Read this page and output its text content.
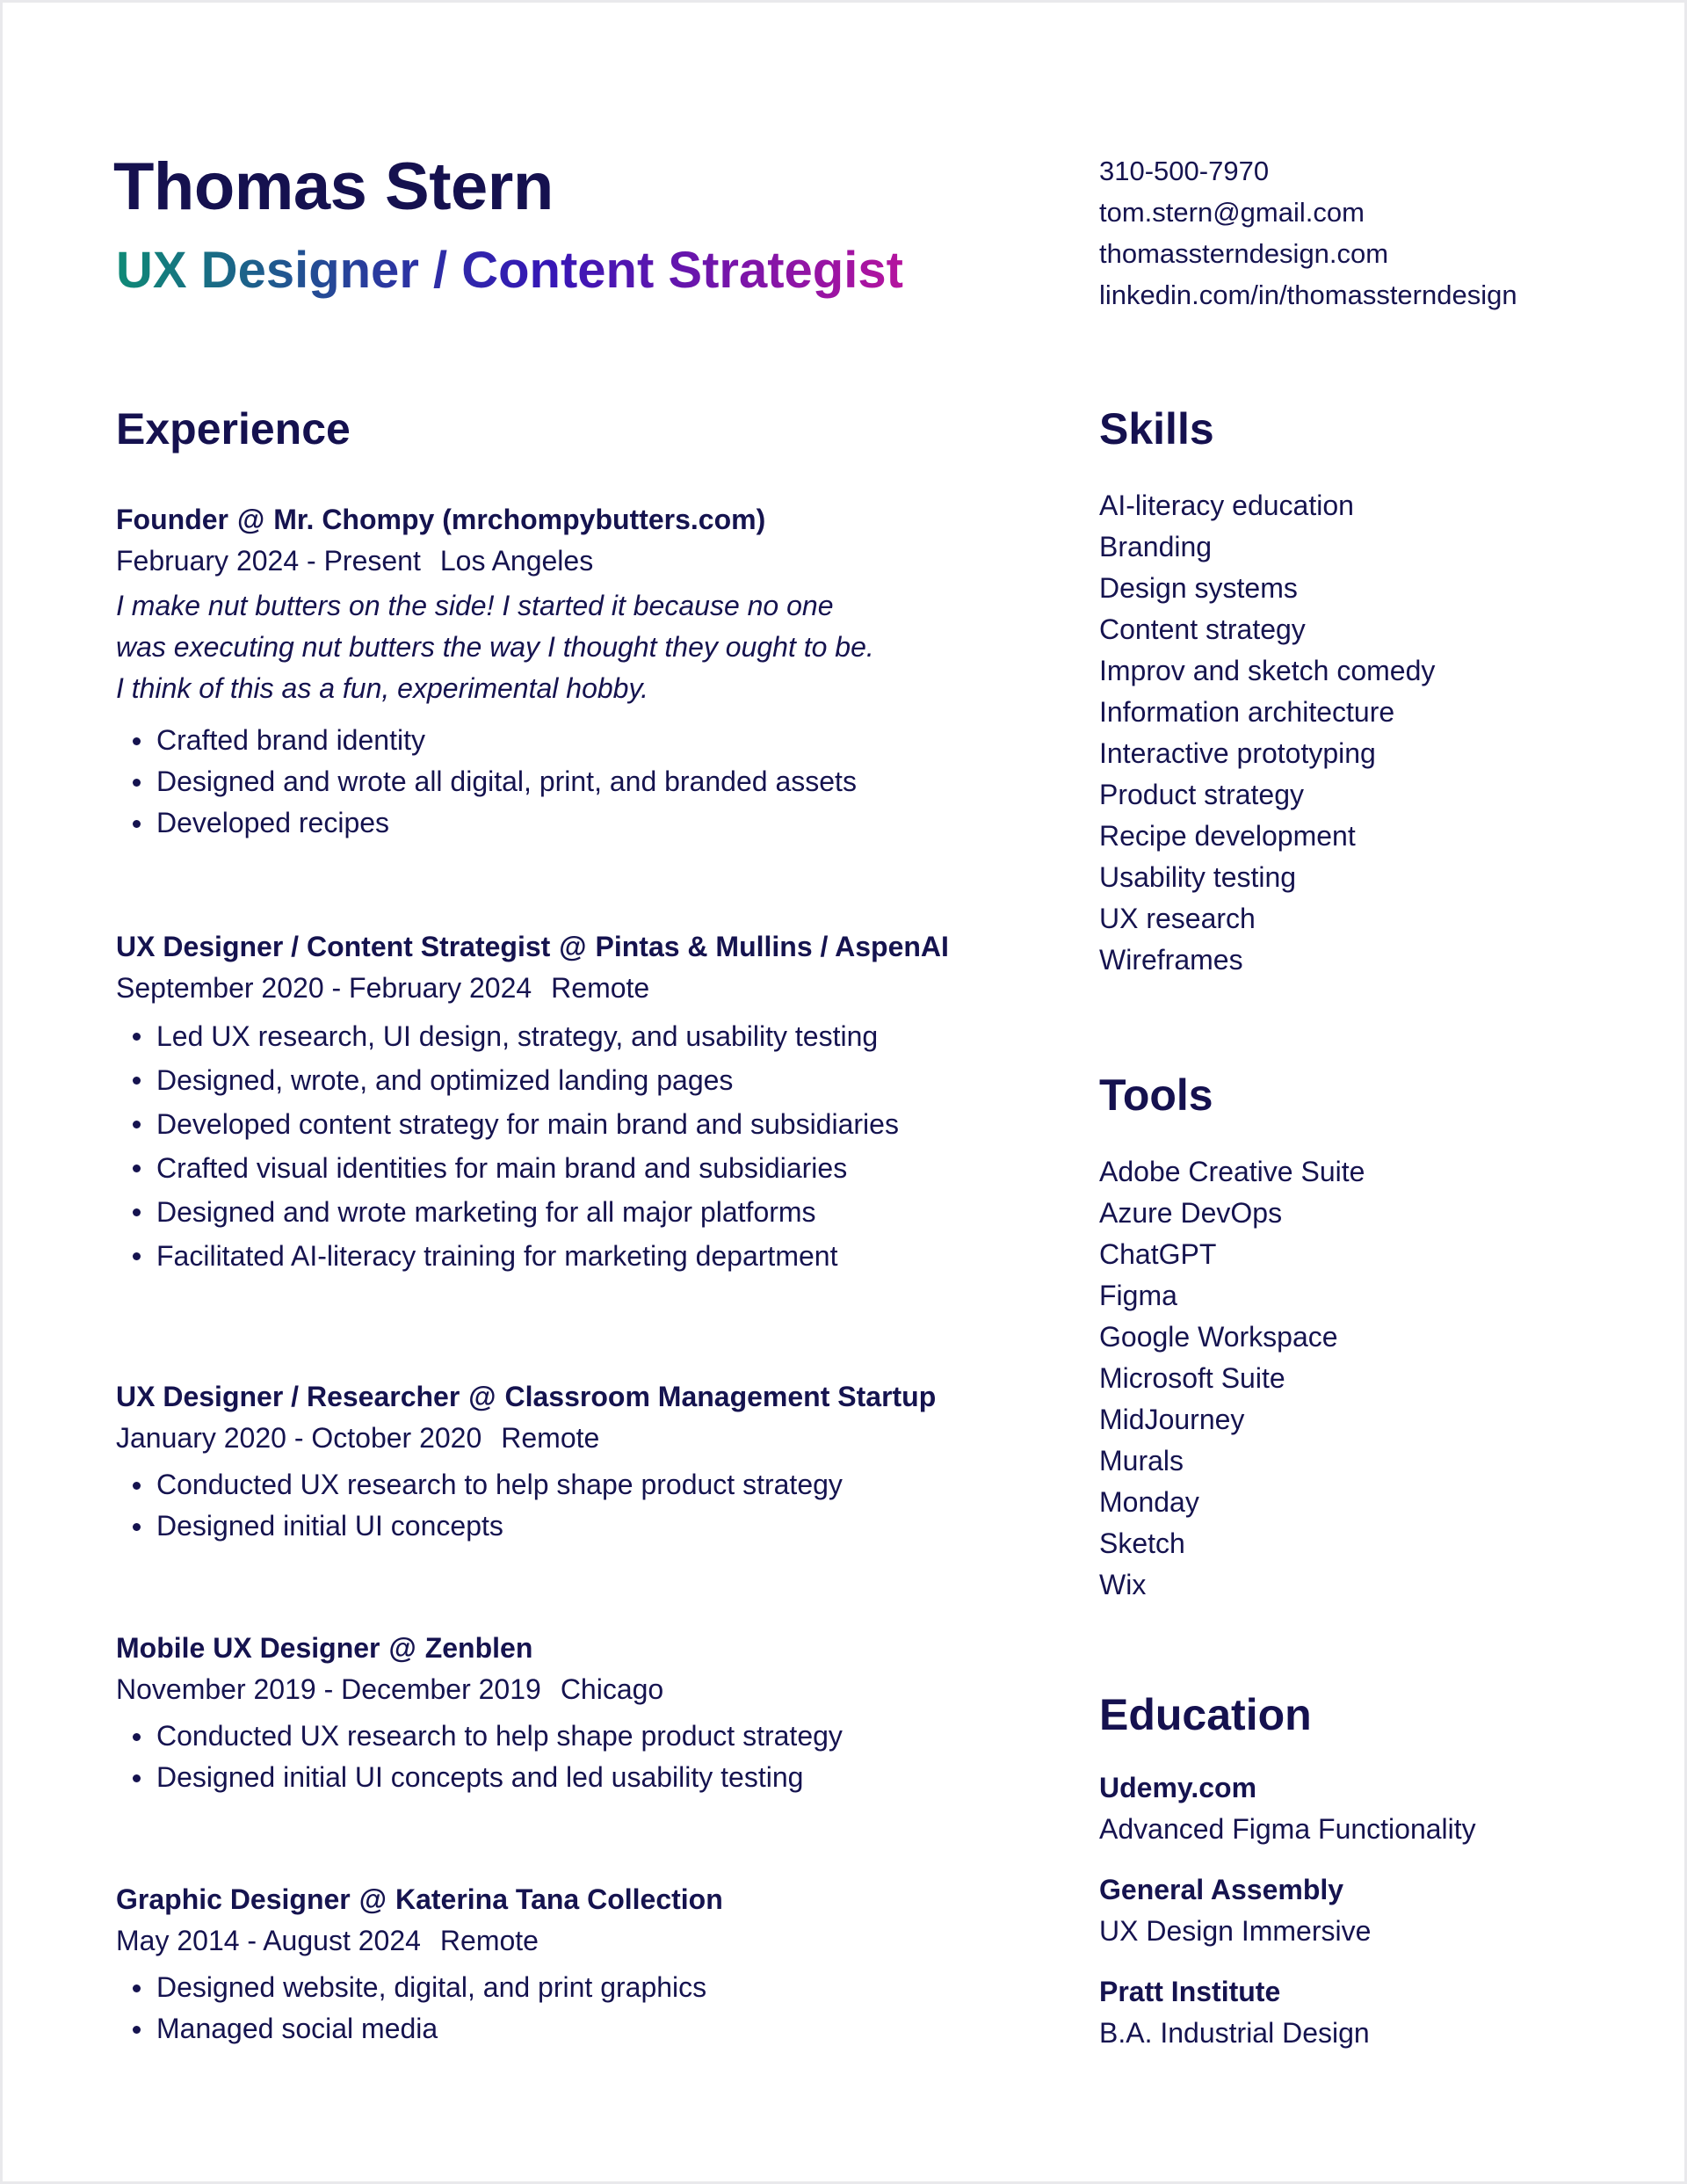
Thomas Stern
UX Designer / Content Strategist
310-500-7970
tom.stern@gmail.com
thomassterndesign.com
linkedin.com/in/thomassterndesign
Experience
Founder @ Mr. Chompy (mrchompybutters.com)
February 2024 - Present Los Angeles
I make nut butters on the side! I started it because no one
was executing nut butters the way I thought they ought to be.
I think of this as a fun, experimental hobby.
Crafted brand identity
Designed and wrote all digital, print, and branded assets
Developed recipes
UX Designer / Content Strategist @ Pintas & Mullins / AspenAI
September 2020 - February 2024 Remote
Led UX research, UI design, strategy, and usability testing
Designed, wrote, and optimized landing pages
Developed content strategy for main brand and subsidiaries
Crafted visual identities for main brand and subsidiaries
Designed and wrote marketing for all major platforms
Facilitated AI-literacy training for marketing department
UX Designer / Researcher @ Classroom Management Startup
January 2020 - October 2020 Remote
Conducted UX research to help shape product strategy
Designed initial UI concepts
Mobile UX Designer @ Zenblen
November 2019 - December 2019 Chicago
Conducted UX research to help shape product strategy
Designed initial UI concepts and led usability testing
Graphic Designer @ Katerina Tana Collection
May 2014 - August 2024 Remote
Designed website, digital, and print graphics
Managed social media
Skills
AI-literacy education
Branding
Design systems
Content strategy
Improv and sketch comedy
Information architecture
Interactive prototyping
Product strategy
Recipe development
Usability testing
UX research
Wireframes
Tools
Adobe Creative Suite
Azure DevOps
ChatGPT
Figma
Google Workspace
Microsoft Suite
MidJourney
Murals
Monday
Sketch
Wix
Education
Udemy.com
Advanced Figma Functionality
General Assembly
UX Design Immersive
Pratt Institute
B.A. Industrial Design
